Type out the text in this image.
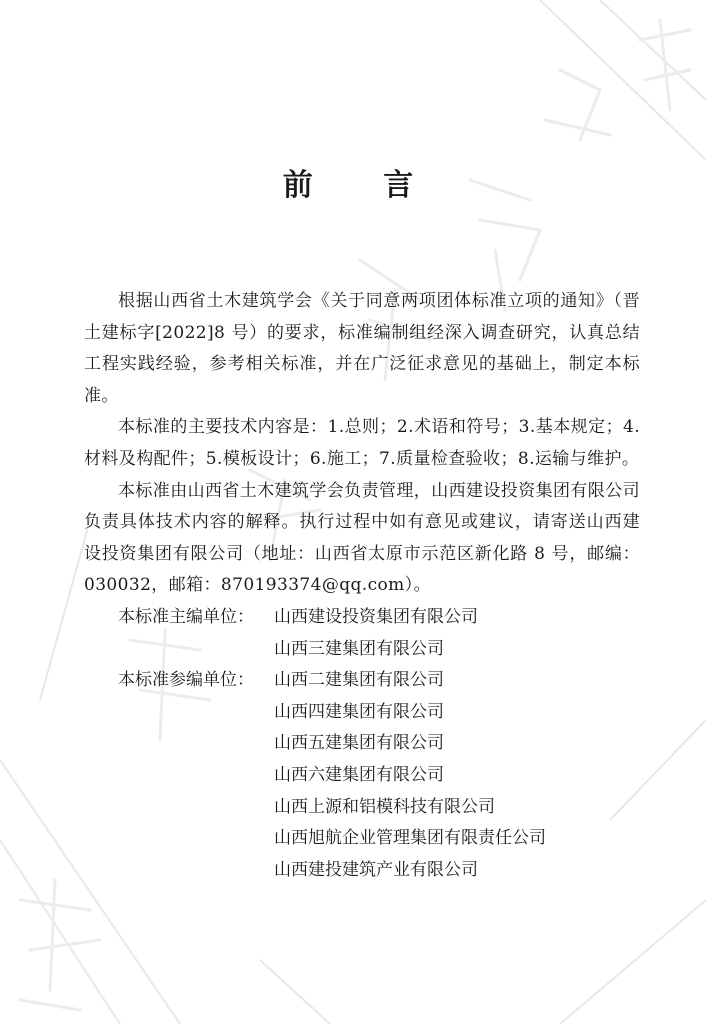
前 言

根据山西省土木建筑学会《关于同意两项团体标准立项的通知》（晋土建标字[2022]8 号）的要求，标准编制组经深入调查研究，认真总结工程实践经验，参考相关标准，并在广泛征求意见的基础上，制定本标准。

本标准的主要技术内容是：1.总则；2.术语和符号；3.基本规定；4.材料及构配件；5.模板设计；6.施工；7.质量检查验收；8.运输与维护。

本标准由山西省土木建筑学会负责管理，山西建设投资集团有限公司负责具体技术内容的解释。执行过程中如有意见或建议，请寄送山西建设投资集团有限公司（地址：山西省太原市示范区新化路 8 号，邮编：030032，邮箱：870193374@qq.com）。

本标准主编单位：	山西建设投资集团有限公司
山西三建集团有限公司
本标准参编单位：	山西二建集团有限公司
山西四建集团有限公司
山西五建集团有限公司
山西六建集团有限公司
山西上源和铝模科技有限公司
山西旭航企业管理集团有限责任公司
山西建投建筑产业有限公司
